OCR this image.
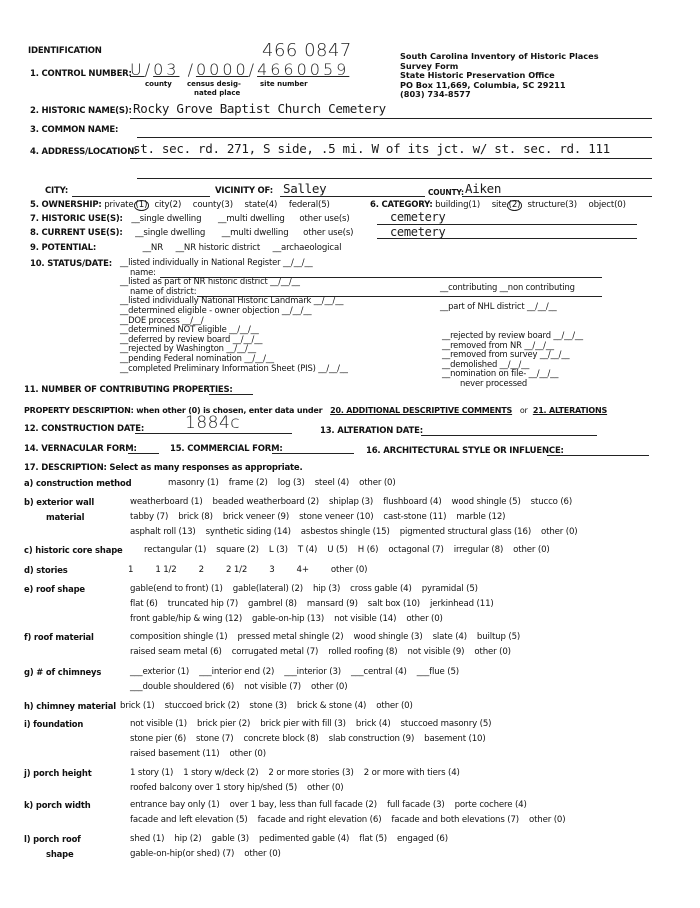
IDENTIFICATION	466 0847	South Carolina Inventory of Historic Places
Survey Form
State Historic Preservation Office
PO Box 11,669, Columbia, SC 29211
(803) 734-8577
1. CONTROL NUMBER:
U/03 /0000/4660059
county census desig-
nated place
site number
2. HISTORIC NAME(S): Rocky Grove Baptist Church Cemetery
3. COMMON NAME:
4. ADDRESS/LOCATION:
st. sec. rd. 271, S side, .5 mi. W of its jct. w/ st. sec. rd. 111
CITY:	VICINITY OF: Salley	COUNTY: Aiken
5. OWNERSHIP: private (1) city(2) county(3) state(4) federal(5)	6. CATEGORY: building(1) site (2) structure(3) object(0)
7. HISTORIC USE(S): __single dwelling __multi dwelling other use(s)	cemetery
8. CURRENT USE(S): __single dwelling __multi dwelling other use(s)	cemetery
9. POTENTIAL:	__NR __NR historic district __archaeological
10. STATUS/DATE: __listed individually in National Register __/__/__
name:
__listed as part of NR historic district __/__/__
name of district:
__listed individually National Historic Landmark __/__/__
__determined eligible - owner objection __/__/__
__DOE process __/__/
__determined NOT eligible __/__/__
__deferred by review board __/__/__
__rejected by Washington __/__/__
__pending Federal nomination __/__/__
__completed Preliminary Information Sheet (PIS) __/__/__
__contributing __non contributing
__part of NHL district __/__/__
__rejected by review board __/__/__
__removed from NR __/__/__
__removed from survey __/__/__
__demolished __/__/__
__nomination on file- __/__/__
never processed
11. NUMBER OF CONTRIBUTING PROPERTIES:
PROPERTY DESCRIPTION: when other (0) is chosen, enter data under 20. ADDITIONAL DESCRIPTIVE COMMENTS or 21. ALTERATIONS
12. CONSTRUCTION DATE: 1884c	13. ALTERATION DATE:
14. VERNACULAR FORM:	15. COMMERCIAL FORM:	16. ARCHITECTURAL STYLE OR INFLUENCE:
17. DESCRIPTION: Select as many responses as appropriate.
a) construction method	masonry (1) frame (2) log (3) steel (4) other (0)
b) exterior wall
material
weatherboard (1) beaded weatherboard (2) shiplap (3) flushboard (4) wood shingle (5) stucco (6)
tabby (7) brick (8) brick veneer (9) stone veneer (10) cast-stone (11) marble (12)
asphalt roll (13) synthetic siding (14) asbestos shingle (15) pigmented structural glass (16) other (0)
c) historic core shape rectangular (1) square (2) L (3) T (4) U (5) H (6) octagonal (7) irregular (8) other (0)
d) stories	1	1 1/2	2	2 1/2	3	4+	other (0)
e) roof shape	gable(end to front) (1) gable(lateral) (2) hip (3) cross gable (4) pyramidal (5)
flat (6) truncated hip (7) gambrel (8) mansard (9) salt box (10) jerkinhead (11)
front gable/hip & wing (12) gable-on-hip (13) not visible (14) other (0)
f) roof material	composition shingle (1) pressed metal shingle (2) wood shingle (3) slate (4) builtup (5)
raised seam metal (6) corrugated metal (7) rolled roofing (8) not visible (9) other (0)
g) # of chimneys	___exterior (1) ___interior end (2) ___interior (3) ___central (4) ___flue (5)
___double shouldered (6) not visible (7) other (0)
h) chimney material brick (1) stuccoed brick (2) stone (3) brick & stone (4) other (0)
i) foundation	not visible (1) brick pier (2) brick pier with fill (3) brick (4) stuccoed masonry (5)
stone pier (6) stone (7) concrete block (8) slab construction (9) basement (10)
raised basement (11) other (0)
j) porch height	1 story (1) 1 story w/deck (2) 2 or more stories (3) 2 or more with tiers (4)
roofed balcony over 1 story hip/shed (5) other (0)
k) porch width	entrance bay only (1) over 1 bay, less than full facade (2) full facade (3) porte cochere (4)
facade and left elevation (5) facade and right elevation (6) facade and both elevations (7) other (0)
l) porch roof
shape
shed (1) hip (2) gable (3) pedimented gable (4) flat (5) engaged (6)
gable-on-hip(or shed) (7) other (0)
